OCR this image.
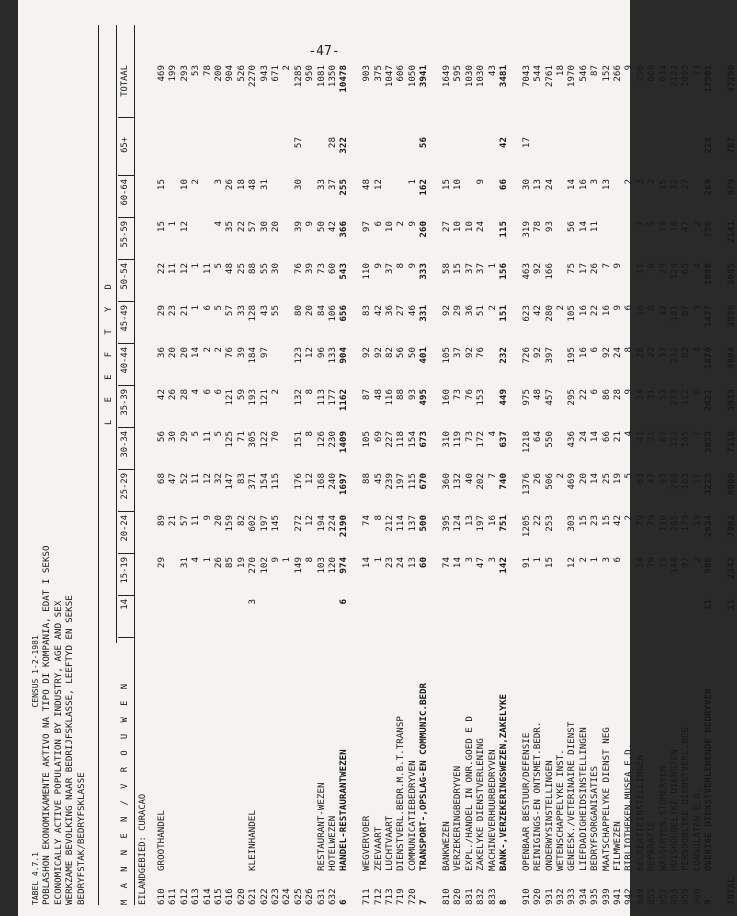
-47-
TABEL 4.7.1                              CENSUS 1-2-1981 POBLASHON EKONOMIKAMENTE AKTIVO NA TIPO DI KOMPANIA, EDAT I SEKSO ECONOMICALLY ACTIVE POPULATION BY INDUSTRY, AGE AND SEX WERKZAME BEVOLKING NAAR BEDRIJFSKLASSE, LEEFTYD EN SEKSE BEDRYFSTAK/BEDRYFSKLASSE
L E E F T Y D
M A N N E N / V R O U W E N EILANDGEBIED: CURACAO
14
15-19
20-24
25-29
30-34
35-39
40-44
45-49
50-54
55-59
60-64
65+
TOTAAL
610
GROOTHANDEL
29
89
68
56
42
36
29
22
15
15
469
611
21
47
30
26
20
23
11
1
199
612
31
57
52
29
28
20
21
12
12
10
293
613
4
11
11
5
4
14
1
1
2
53
614
1
9
12
11
6
2
6
11
78
615
26
20
32
5
6
2
5
5
4
3
200
616
85
159
147
125
121
76
57
48
35
26
904
620
19
82
83
71
59
39
33
25
22
18
526
621
KLEINHANDEL
3
270
602
371
305
193
184
128
88
57
48
2270
622
102
197
154
122
121
97
43
55
30
31
943
623
9
145
115
70
2
55
30
20
671
624
1
2
625
149
272
176
151
132
123
80
76
39
30
57
1285
626
8
12
12
8
8
12
20
39
9
950
631
RESTAURANT-WEZEN
103
194
168
126
113
96
84
73
50
33
1081
632
HOTELWEZEN
120
224
240
230
177
133
106
60
42
37
28
1350
6
HANDEL-RESTAURANTWEZEN
6
974
2190
1697
1409
1162
904
656
543
366
255
322
10478
711
WEGVERVOER
14
74
88
105
87
92
83
110
97
48
903
712
ZEEVAART
1
8
45
69
48
92
42
9
6
12
375
713
LUCHTVAART
23
212
239
227
116
82
36
37
10
1047
719
DIENSTVERL.BEDR.M.B.T.TRANSP
24
114
197
118
88
56
27
8
2
606
720
COMMUNICATIEBEDRYVEN
13
137
115
154
93
50
46
9
9
1
1050
7
TRANSPORT-,OPSLAG-EN COMMUNIC.BEDR
60
500
670
673
495
401
331
333
260
162
56
3941
810
BANKWEZEN
74
395
360
310
160
105
92
58
27
15
1649
820
VERZEKERINGBEDRYVEN
14
124
132
119
73
37
29
15
10
10
595
831
EXPL./HANDEL IN ONR.GOED E D
3
13
40
73
76
92
36
37
10
1030
832
ZAKELYKE DIENSTVERLENING
47
197
202
172
153
76
51
37
24
9
1030
833
MACHINEVERHUURBEDRYVEN
3
16
7
4
2
1
43
8
BANK-,VERZEKERINGSWEZEN,ZAKELYKE
142
751
740
637
449
232
151
156
115
66
42
3481
910
OPENBAAR BESTUUR/DEFENSIE
91
1205
1376
1218
975
726
623
463
319
30
17
7043
920
REINIGINGS-EN ONTSMET.BEDR.
1
22
26
64
48
92
42
92
78
13
544
931
ONDERWYSINSTELLINGEN
15
253
506
550
457
397
280
166
93
24
2761
932
WETENSCHAPPELYKE INST.
2
2
18
933
GENEESK./VETERINAIRE DIENST
12
303
469
436
295
195
105
75
56
14
1970
934
LIEFDADIGHEIDSINSTELLINGEN
2
15
20
24
22
16
16
17
14
16
546
935
BEDRYFSORGANISATIES
1
23
14
14
6
6
22
26
11
3
87
939
MAATSCHAPPELYKE DIENST NEG
3
15
25
66
86
92
16
7
13
152
941
FILMWEZEN
6
42
19
21
28
24
9
9
266
942
BIBLIOTHEKEN,MUSEA E.D.
2
5
4
9
8
6
2
9
949
RECREATIEINSTELLINGEN
14
79
63
41
24
28
16
11
7
3
290
951
REPARATIE
79
79
47
31
31
22
8
9
5
2
668
952
WASSERYEN,STOMERYEN
15
110
93
87
52
37
42
29
19
15
634
953
HUISHOUDELYKE DIENSTEN
146
265
280
322
273
232
181
124
76
32
2122
959
PERSOONLYKE DIENSTVERL.NEG
97
179
163
145
112
82
87
65
47
27
1093
960
CONSULATEN E.D.
2
19
17
7
6
4
5
4
2
73
9
OVERIGE DIENSTVERLENENDE BEDRYVEN
11
506
2634
3215
3053
2421
1870
1477
1080
756
269
218
17501
TOTAL
11
2342
7902
8000
7310
5933
4804
3996
3085
2141
979
787
47290
